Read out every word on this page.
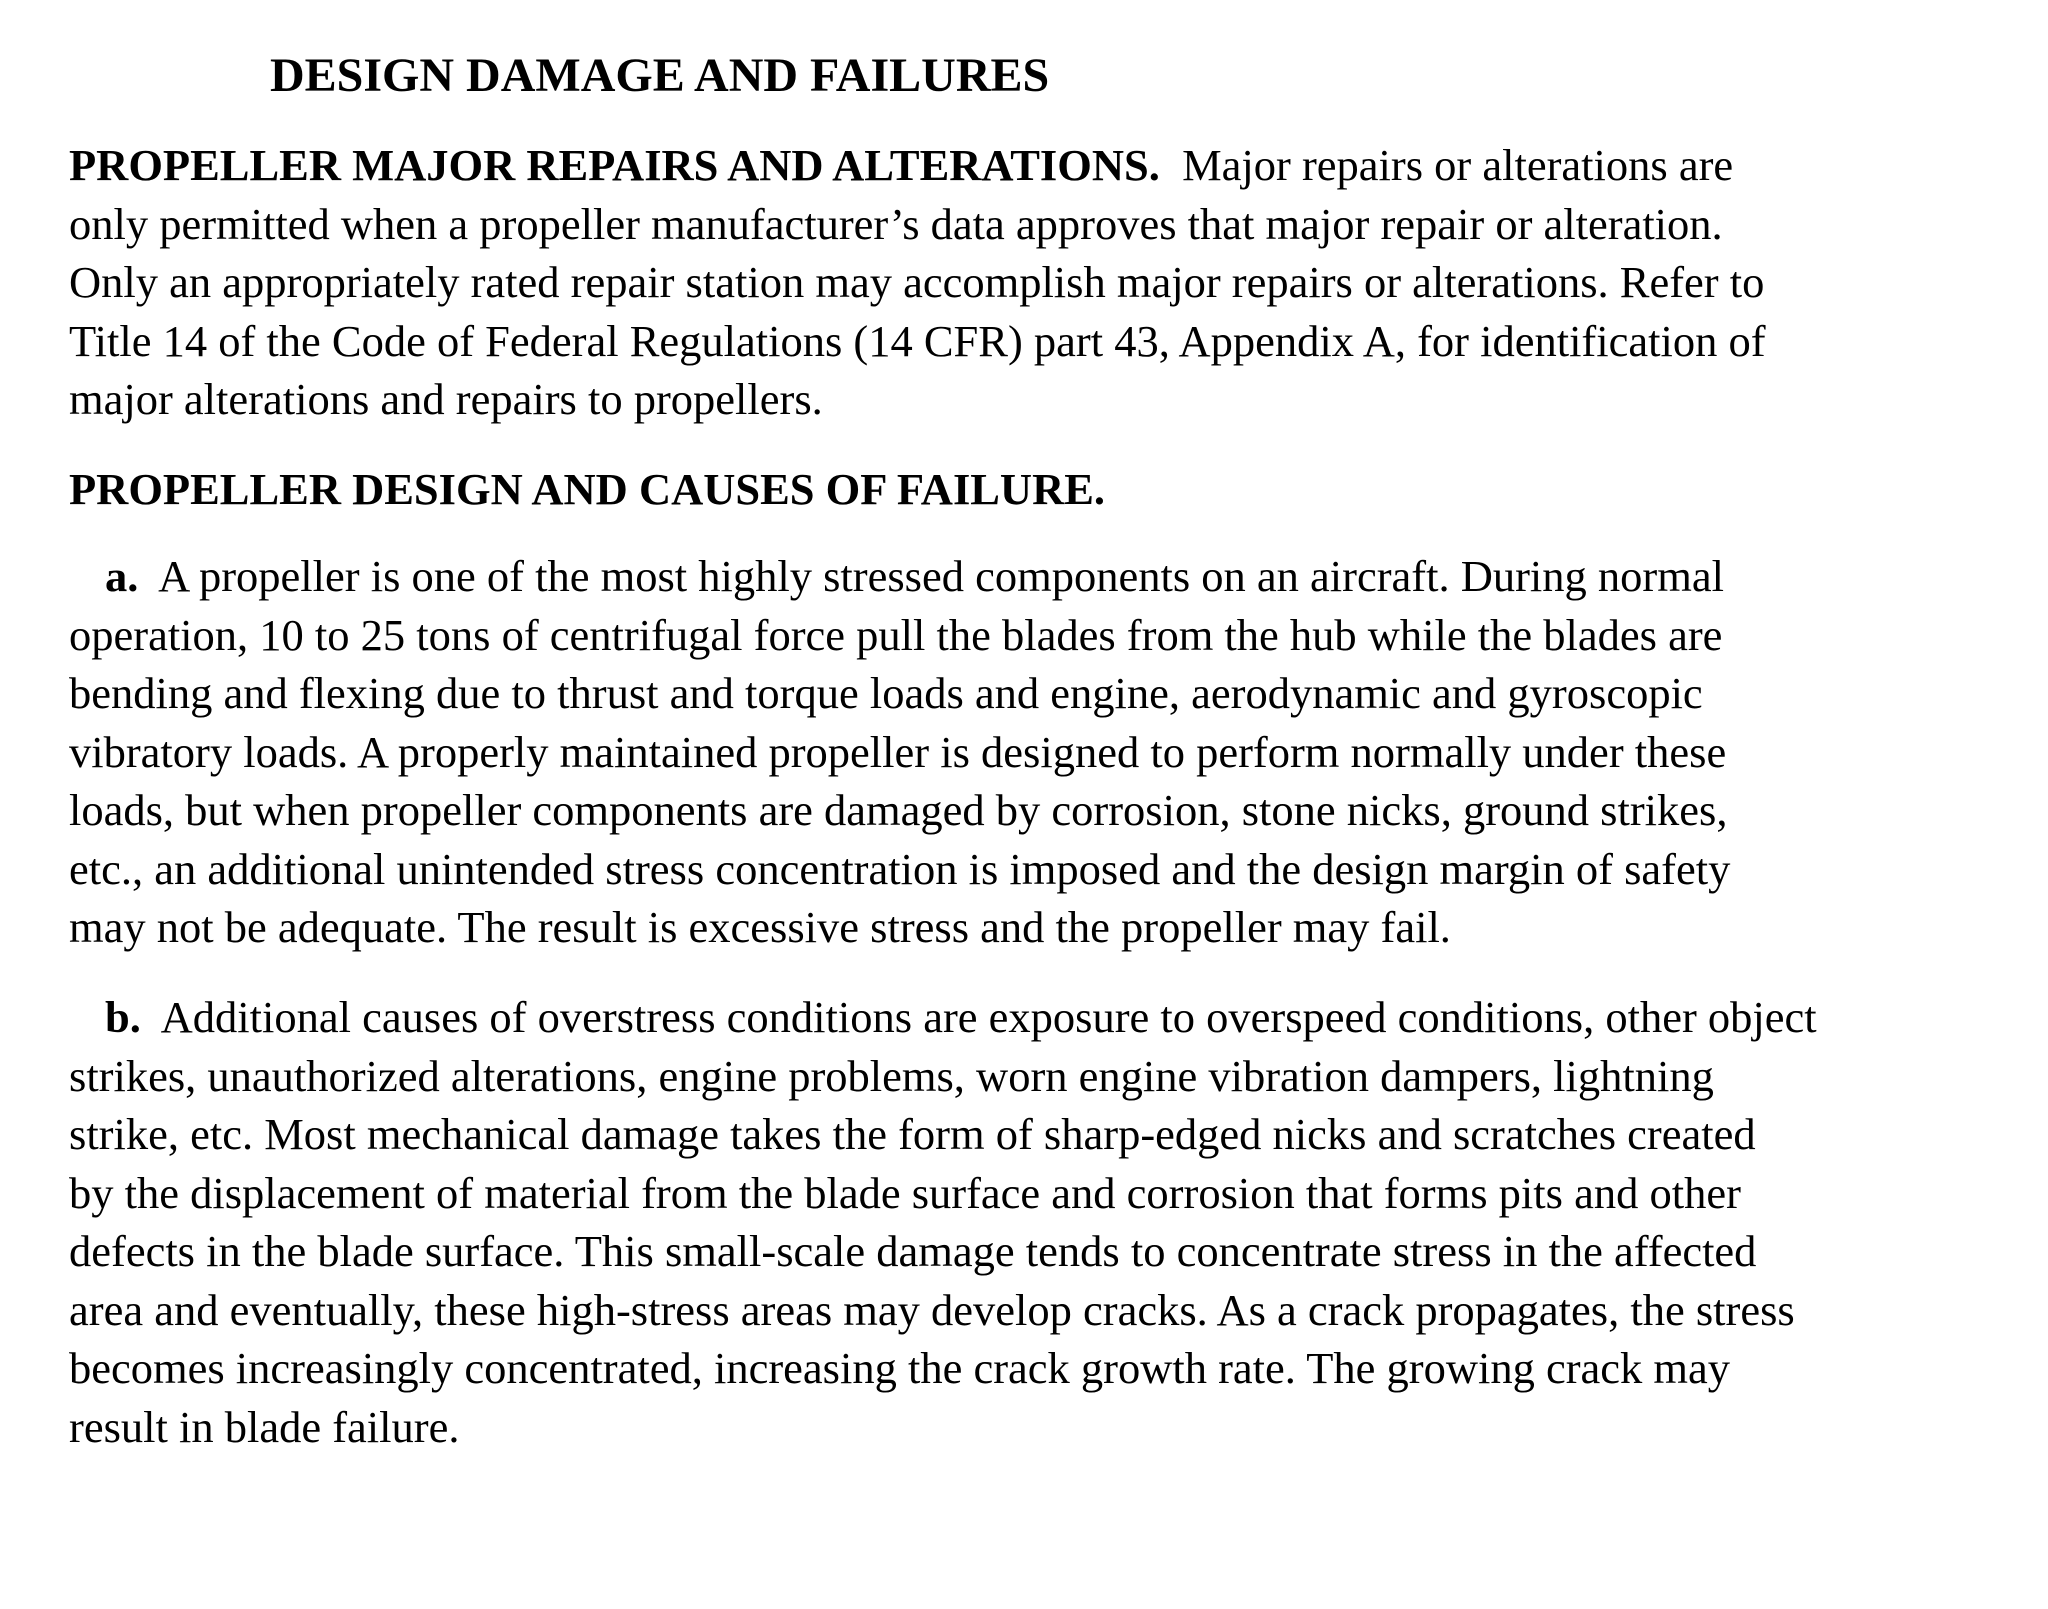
DESIGN DAMAGE AND FAILURES

PROPELLER MAJOR REPAIRS AND ALTERATIONS. Major repairs or alterations are
only permitted when a propeller manufacturer’s data approves that major repair or alteration.
Only an appropriately rated repair station may accomplish major repairs or alterations. Refer to
Title 14 of the Code of Federal Regulations (14 CFR) part 43, Appendix A, for identification of
major alterations and repairs to propellers.

PROPELLER DESIGN AND CAUSES OF FAILURE.

a. A propeller is one of the most highly stressed components on an aircraft. During normal
operation, 10 to 25 tons of centrifugal force pull the blades from the hub while the blades are
bending and flexing due to thrust and torque loads and engine, aerodynamic and gyroscopic
vibratory loads. A properly maintained propeller is designed to perform normally under these
loads, but when propeller components are damaged by corrosion, stone nicks, ground strikes,
etc., an additional unintended stress concentration is imposed and the design margin of safety
may not be adequate. The result is excessive stress and the propeller may fail.

b. Additional causes of overstress conditions are exposure to overspeed conditions, other object
strikes, unauthorized alterations, engine problems, worn engine vibration dampers, lightning
strike, etc. Most mechanical damage takes the form of sharp-edged nicks and scratches created
by the displacement of material from the blade surface and corrosion that forms pits and other
defects in the blade surface. This small-scale damage tends to concentrate stress in the affected
area and eventually, these high-stress areas may develop cracks. As a crack propagates, the stress
becomes increasingly concentrated, increasing the crack growth rate. The growing crack may
result in blade failure.
